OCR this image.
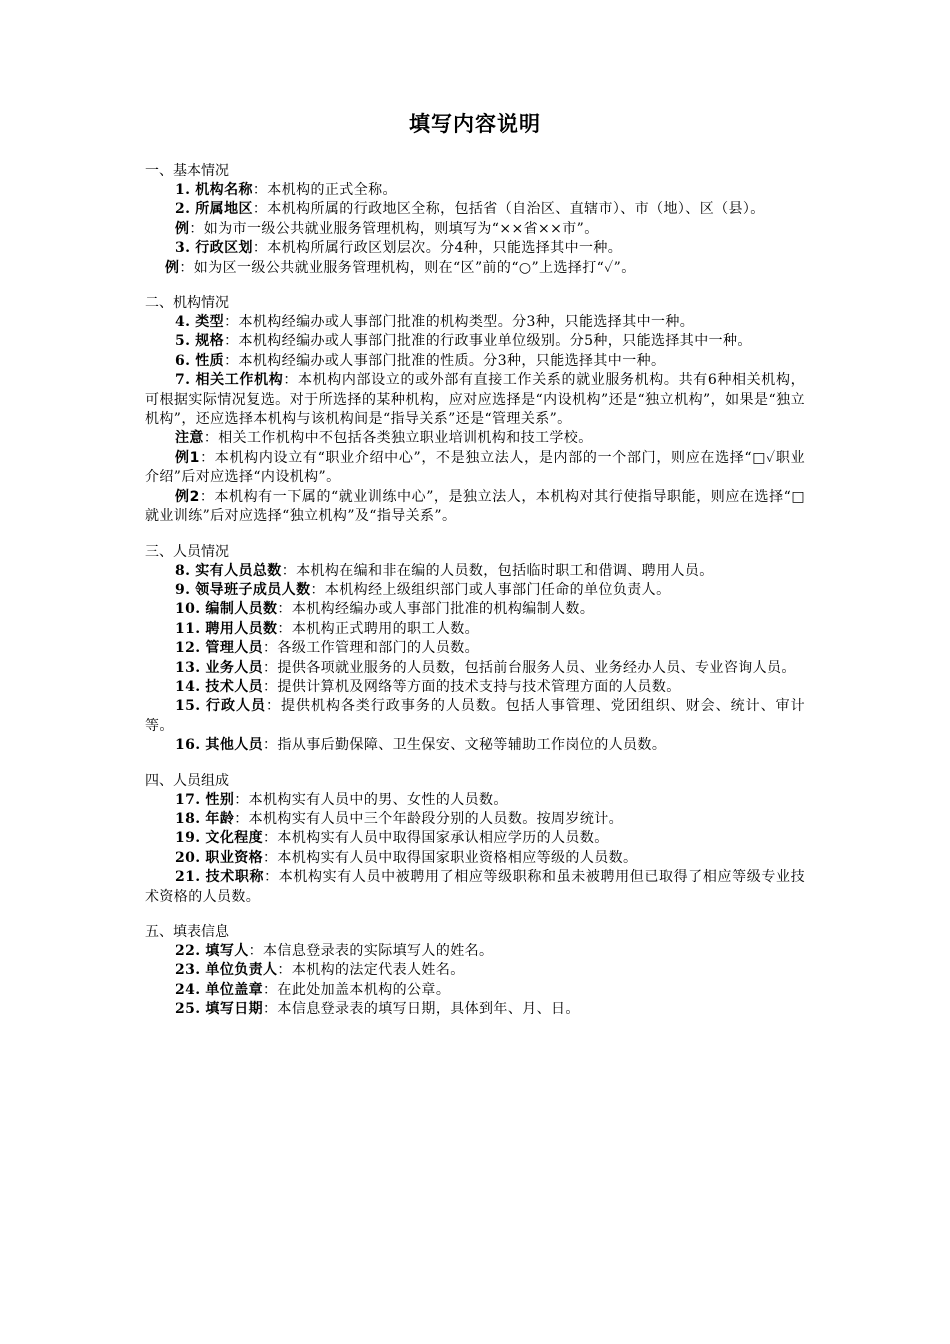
填写内容说明
一、基本情况
1. 机构名称：本机构的正式全称。
2. 所属地区：本机构所属的行政地区全称，包括省（自治区、直辖市）、市（地）、区（县）。
例：如为市一级公共就业服务管理机构，则填写为“××省××市”。
3. 行政区划：本机构所属行政区划层次。分4种，只能选择其中一种。
例：如为区一级公共就业服务管理机构，则在“区”前的“○”上选择打“✓”。
二、机构情况
4. 类型：本机构经编办或人事部门批准的机构类型。分3种，只能选择其中一种。
5. 规格：本机构经编办或人事部门批准的行政事业单位级别。分5种，只能选择其中一种。
6. 性质：本机构经编办或人事部门批准的性质。分3种，只能选择其中一种。
7. 相关工作机构：本机构内部设立的或外部有直接工作关系的就业服务机构。共有6种相关机构，可根据实际情况复选。对于所选择的某种机构，应对应选择是“内设机构”还是“独立机构”，如果是“独立机构”，还应选择本机构与该机构间是“指导关系”还是“管理关系”。
注意：相关工作机构中不包括各类独立职业培训机构和技工学校。
例1：本机构内设立有“职业介绍中心”，不是独立法人，是内部的一个部门，则应在选择“□✓职业介绍”后对应选择“内设机构”。
例2：本机构有一下属的“就业训练中心”，是独立法人，本机构对其行使指导职能，则应在选择“□就业训练”后对应选择“独立机构”及“指导关系”。
三、人员情况
8. 实有人员总数：本机构在编和非在编的人员数，包括临时职工和借调、聘用人员。
9. 领导班子成员人数：本机构经上级组织部门或人事部门任命的单位负责人。
10. 编制人员数：本机构经编办或人事部门批准的机构编制人数。
11. 聘用人员数：本机构正式聘用的职工人数。
12. 管理人员：各级工作管理和部门的人员数。
13. 业务人员：提供各项就业服务的人员数，包括前台服务人员、业务经办人员、专业咨询人员。
14. 技术人员：提供计算机及网络等方面的技术支持与技术管理方面的人员数。
15. 行政人员：提供机构各类行政事务的人员数。包括人事管理、党团组织、财会、统计、审计等。
16. 其他人员：指从事后勤保障、卫生保安、文秘等辅助工作岗位的人员数。
四、人员组成
17. 性别：本机构实有人员中的男、女性的人员数。
18. 年龄：本机构实有人员中三个年龄段分别的人员数。按周岁统计。
19. 文化程度：本机构实有人员中取得国家承认相应学历的人员数。
20. 职业资格：本机构实有人员中取得国家职业资格相应等级的人员数。
21. 技术职称：本机构实有人员中被聘用了相应等级职称和虽未被聘用但已取得了相应等级专业技术资格的人员数。
五、填表信息
22. 填写人：本信息登录表的实际填写人的姓名。
23. 单位负责人：本机构的法定代表人姓名。
24. 单位盖章：在此处加盖本机构的公章。
25. 填写日期：本信息登录表的填写日期，具体到年、月、日。
